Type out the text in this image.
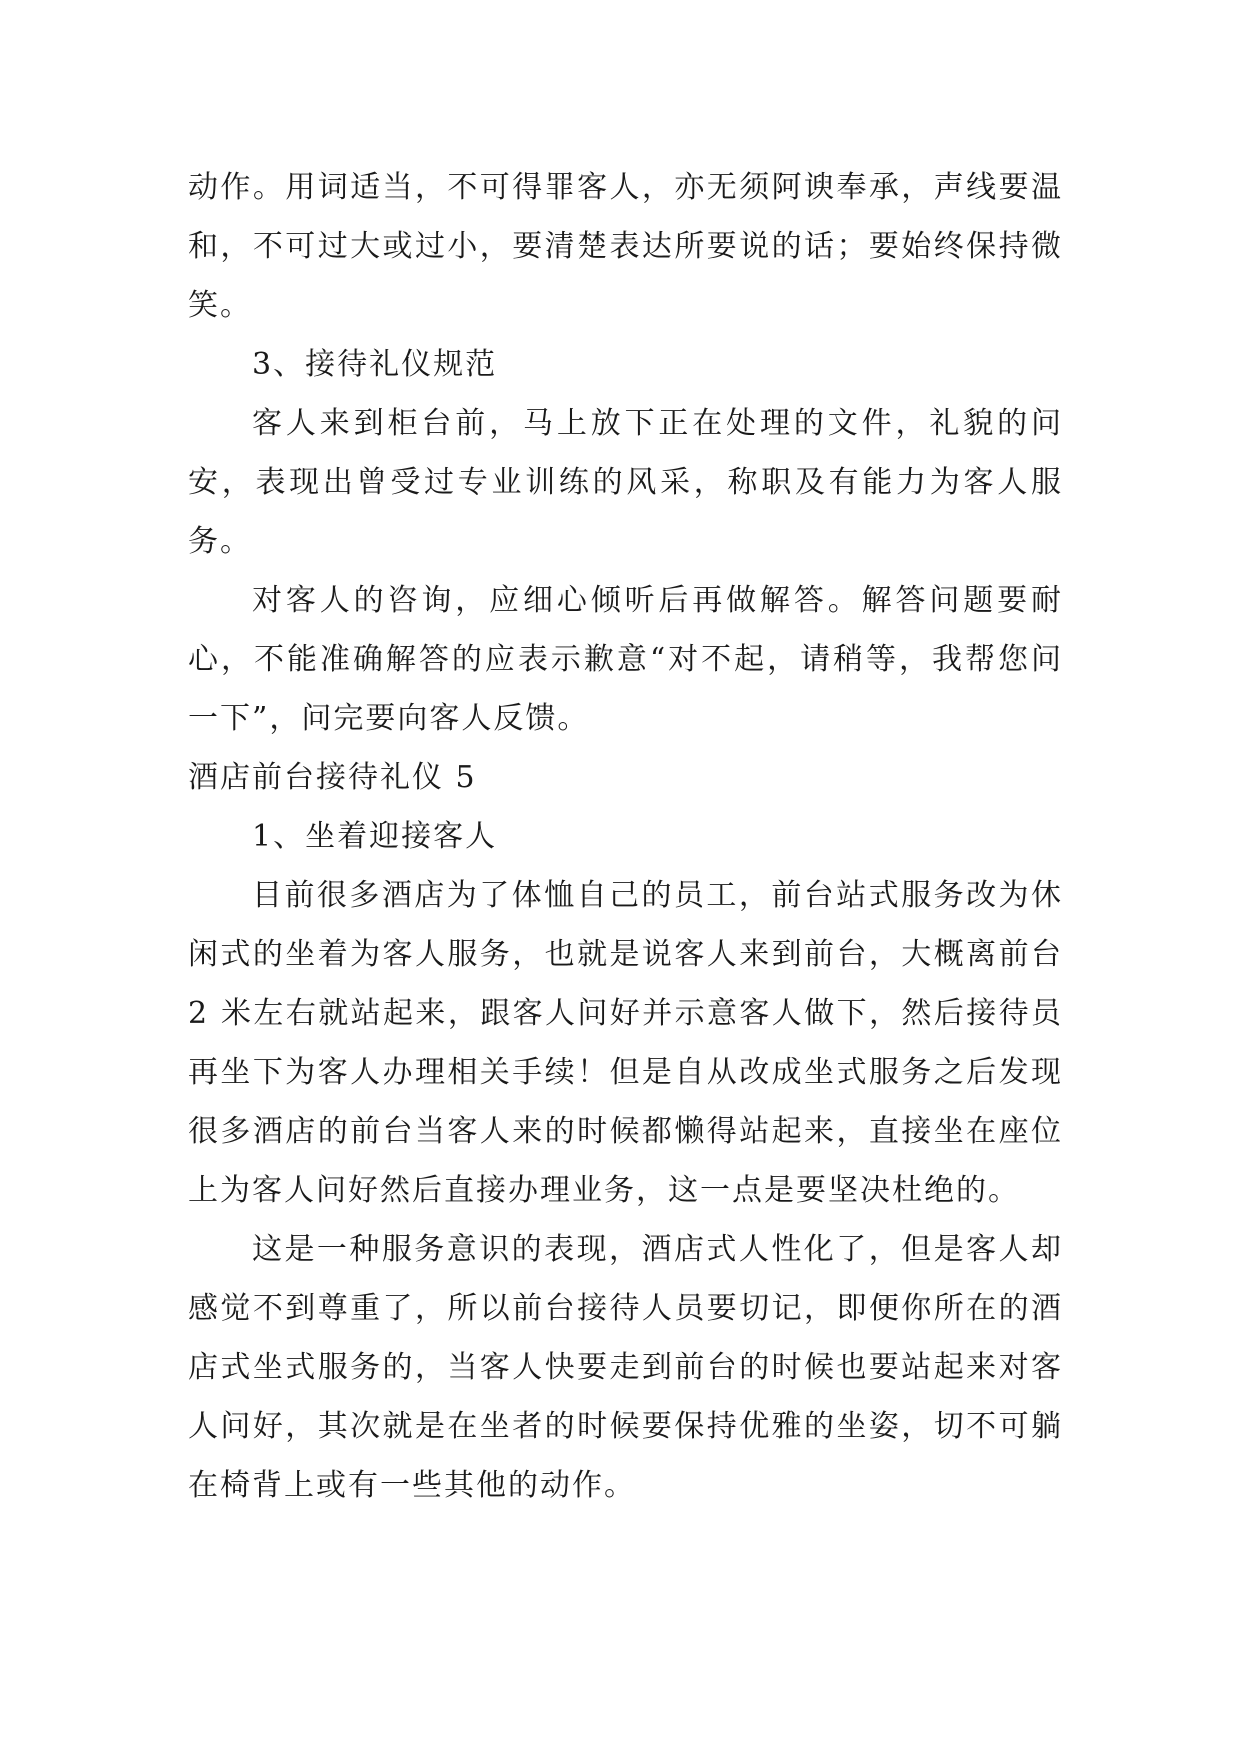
动作。用词适当，不可得罪客人，亦无须阿谀奉承，声线要温和，不可过大或过小，要清楚表达所要说的话；要始终保持微笑。

3、接待礼仪规范

客人来到柜台前，马上放下正在处理的文件，礼貌的问安，表现出曾受过专业训练的风采，称职及有能力为客人服务。

对客人的咨询，应细心倾听后再做解答。解答问题要耐心，不能准确解答的应表示歉意“对不起，请稍等，我帮您问一下”，问完要向客人反馈。

酒店前台接待礼仪 5

1、坐着迎接客人

目前很多酒店为了体恤自己的员工，前台站式服务改为休闲式的坐着为客人服务，也就是说客人来到前台，大概离前台 2 米左右就站起来，跟客人问好并示意客人做下，然后接待员再坐下为客人办理相关手续！但是自从改成坐式服务之后发现很多酒店的前台当客人来的时候都懒得站起来，直接坐在座位上为客人问好然后直接办理业务，这一点是要坚决杜绝的。

这是一种服务意识的表现，酒店式人性化了，但是客人却感觉不到尊重了，所以前台接待人员要切记，即便你所在的酒店式坐式服务的，当客人快要走到前台的时候也要站起来对客人问好，其次就是在坐者的时候要保持优雅的坐姿，切不可躺在椅背上或有一些其他的动作。
